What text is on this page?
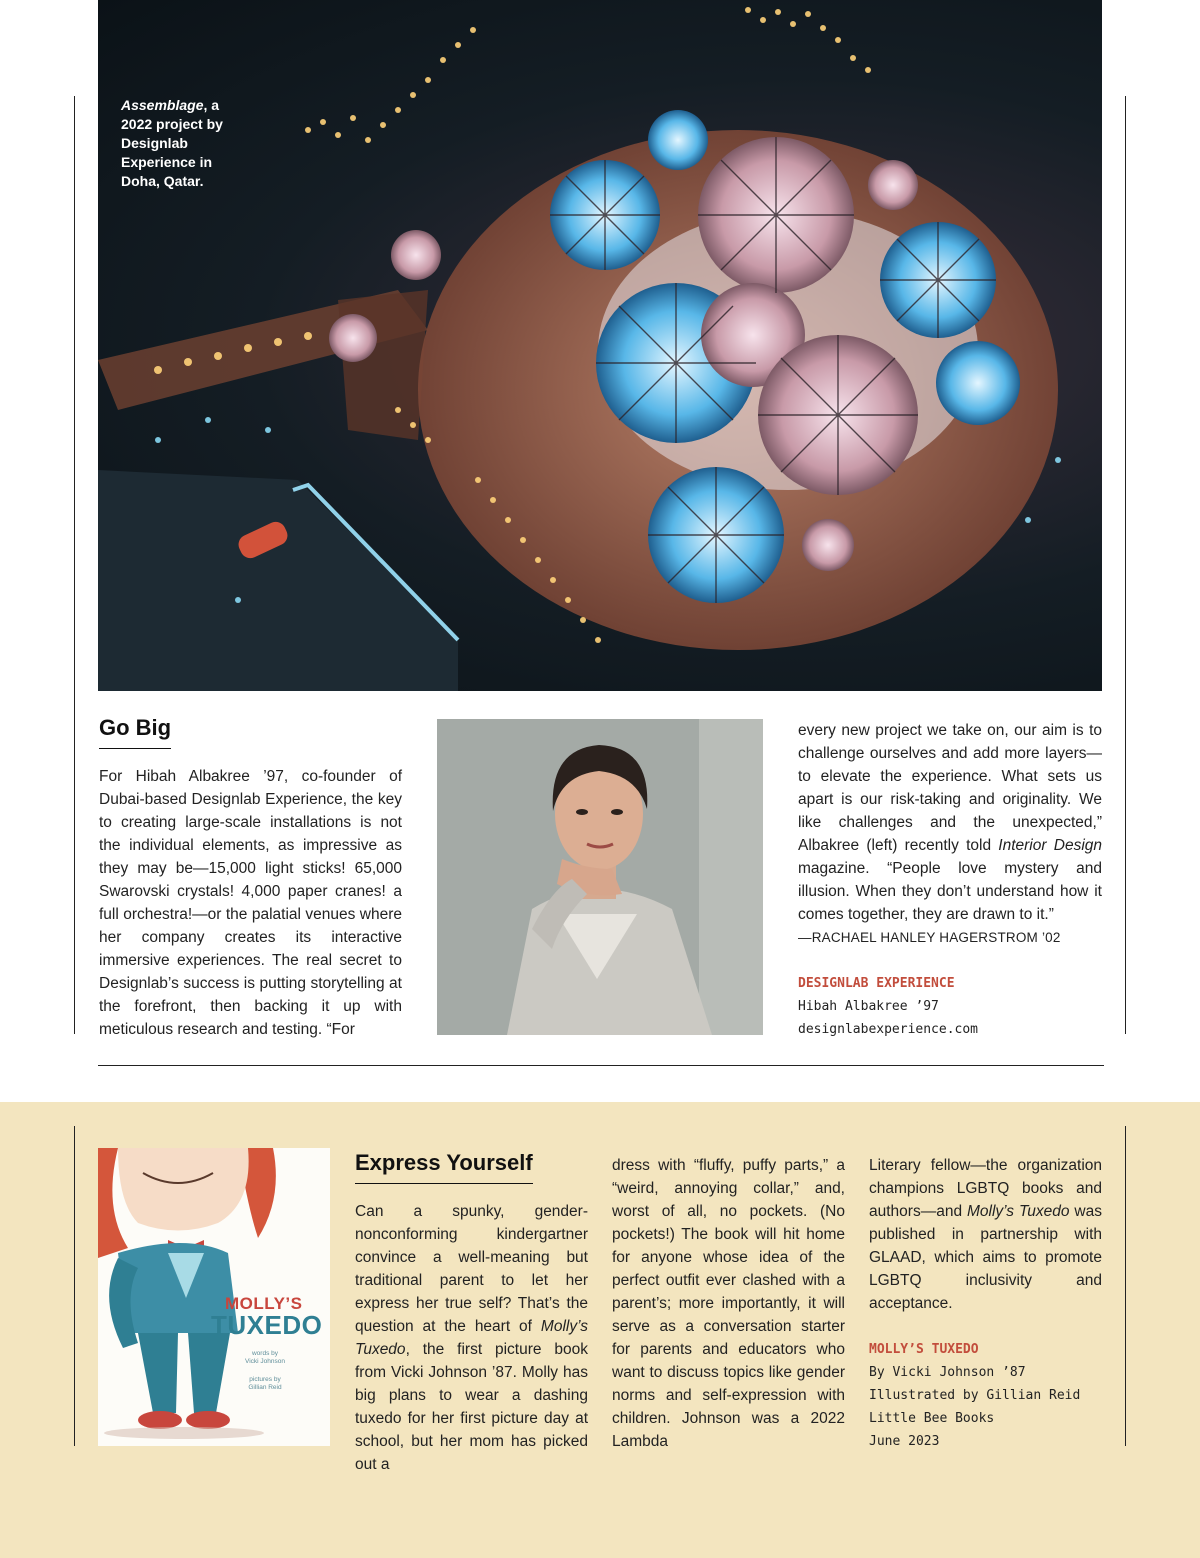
Assemblage, a 2022 project by Designlab Experience in Doha, Qatar.
Go Big
For Hibah Albakree ’97, co-founder of Dubai-based Designlab Experience, the key to creating large-scale installations is not the individual elements, as impressive as they may be—15,000 light sticks! 65,000 Swarovski crystals! 4,000 paper cranes! a full orchestra!—or the palatial venues where her company creates its interactive immersive experiences. The real secret to Designlab’s success is putting storytelling at the forefront, then backing it up with meticulous research and testing. “For
every new project we take on, our aim is to challenge ourselves and add more layers—to elevate the experience. What sets us apart is our risk-taking and originality. We like challenges and the unexpected,” Albakree (left) recently told Interior Design magazine. “People love mystery and illusion. When they don’t understand how it comes together, they are drawn to it.”
—RACHAEL HANLEY HAGERSTROM ’02
DESIGNLAB EXPERIENCE
Hibah Albakree ’97
designlabexperience.com
MOLLY’S
TUXEDO
words by
Vicki Johnson
pictures by
Gillian Reid
Express Yourself
Can a spunky, gender-nonconforming kindergartner convince a well-meaning but traditional parent to let her express her true self? That’s the question at the heart of Molly’s Tuxedo, the first picture book from Vicki Johnson ’87. Molly has big plans to wear a dashing tuxedo for her first picture day at school, but her mom has picked out a
dress with “fluffy, puffy parts,” a “weird, annoying collar,” and, worst of all, no pockets. (No pockets!) The book will hit home for anyone whose idea of the perfect outfit ever clashed with a parent’s; more importantly, it will serve as a conversation starter for parents and educators who want to discuss topics like gender norms and self-expression with children. Johnson was a 2022 Lambda
Literary fellow—the organization champions LGBTQ books and authors—and Molly’s Tuxedo was published in partnership with GLAAD, which aims to promote LGBTQ inclusivity and acceptance.
MOLLY’S TUXEDO
By Vicki Johnson ’87
Illustrated by Gillian Reid
Little Bee Books
June 2023
